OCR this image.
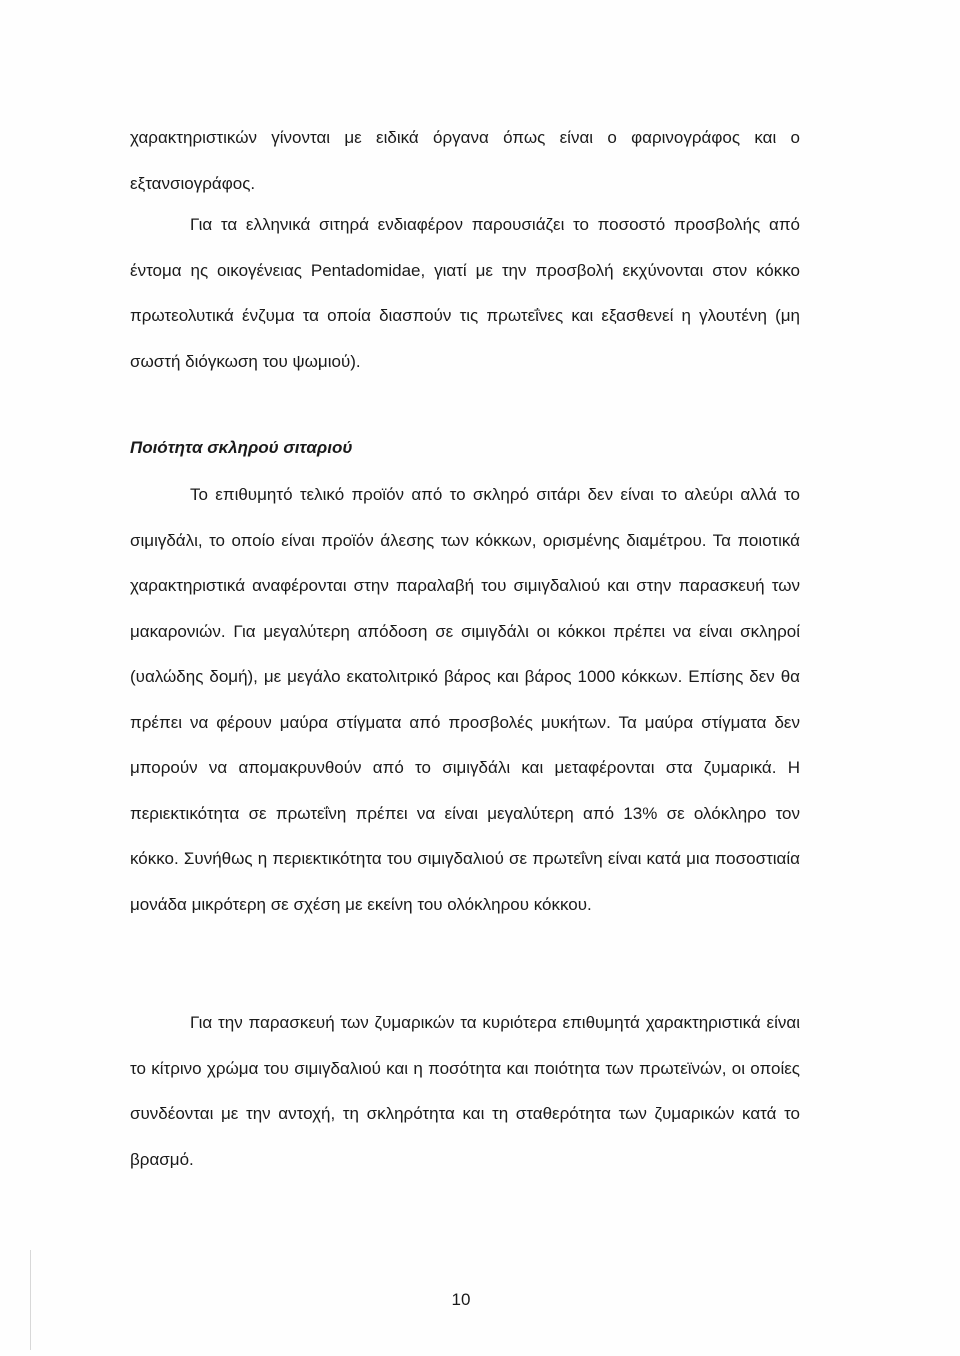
χαρακτηριστικών γίνονται με ειδικά όργανα όπως είναι ο φαρινογράφος και ο εξτανσιογράφος.

Για τα ελληνικά σιτηρά ενδιαφέρον παρουσιάζει το ποσοστό προσβολής από έντομα ης οικογένειας Pentadomidae, γιατί με την προσβολή εκχύνονται στον κόκκο πρωτεολυτικά ένζυμα τα οποία διασπούν τις πρωτεΐνες και εξασθενεί η γλουτένη (μη σωστή διόγκωση του ψωμιού).

Ποιότητα σκληρού σιταριού

Το επιθυμητό τελικό προϊόν από το σκληρό σιτάρι δεν είναι το αλεύρι αλλά το σιμιγδάλι, το οποίο είναι προϊόν άλεσης των κόκκων, ορισμένης διαμέτρου. Τα ποιοτικά χαρακτηριστικά αναφέρονται στην παραλαβή του σιμιγδαλιού και στην παρασκευή των μακαρονιών. Για μεγαλύτερη απόδοση σε σιμιγδάλι οι κόκκοι πρέπει να είναι σκληροί (υαλώδης δομή), με μεγάλο εκατολιτρικό βάρος και βάρος 1000 κόκκων. Επίσης δεν θα πρέπει να φέρουν μαύρα στίγματα από προσβολές μυκήτων. Τα μαύρα στίγματα δεν μπορούν να απομακρυνθούν από το σιμιγδάλι και μεταφέρονται στα ζυμαρικά. Η περιεκτικότητα σε πρωτεΐνη πρέπει να είναι μεγαλύτερη από 13% σε ολόκληρο τον κόκκο. Συνήθως η περιεκτικότητα του σιμιγδαλιού σε πρωτεΐνη είναι κατά μια ποσοστιαία μονάδα μικρότερη σε σχέση με εκείνη του ολόκληρου κόκκου.

Για την παρασκευή των ζυμαρικών τα κυριότερα επιθυμητά χαρακτηριστικά είναι το κίτρινο χρώμα του σιμιγδαλιού και η ποσότητα και ποιότητα των πρωτεϊνών, οι οποίες συνδέονται με την αντοχή, τη σκληρότητα και τη σταθερότητα των ζυμαρικών κατά το βρασμό.

10
